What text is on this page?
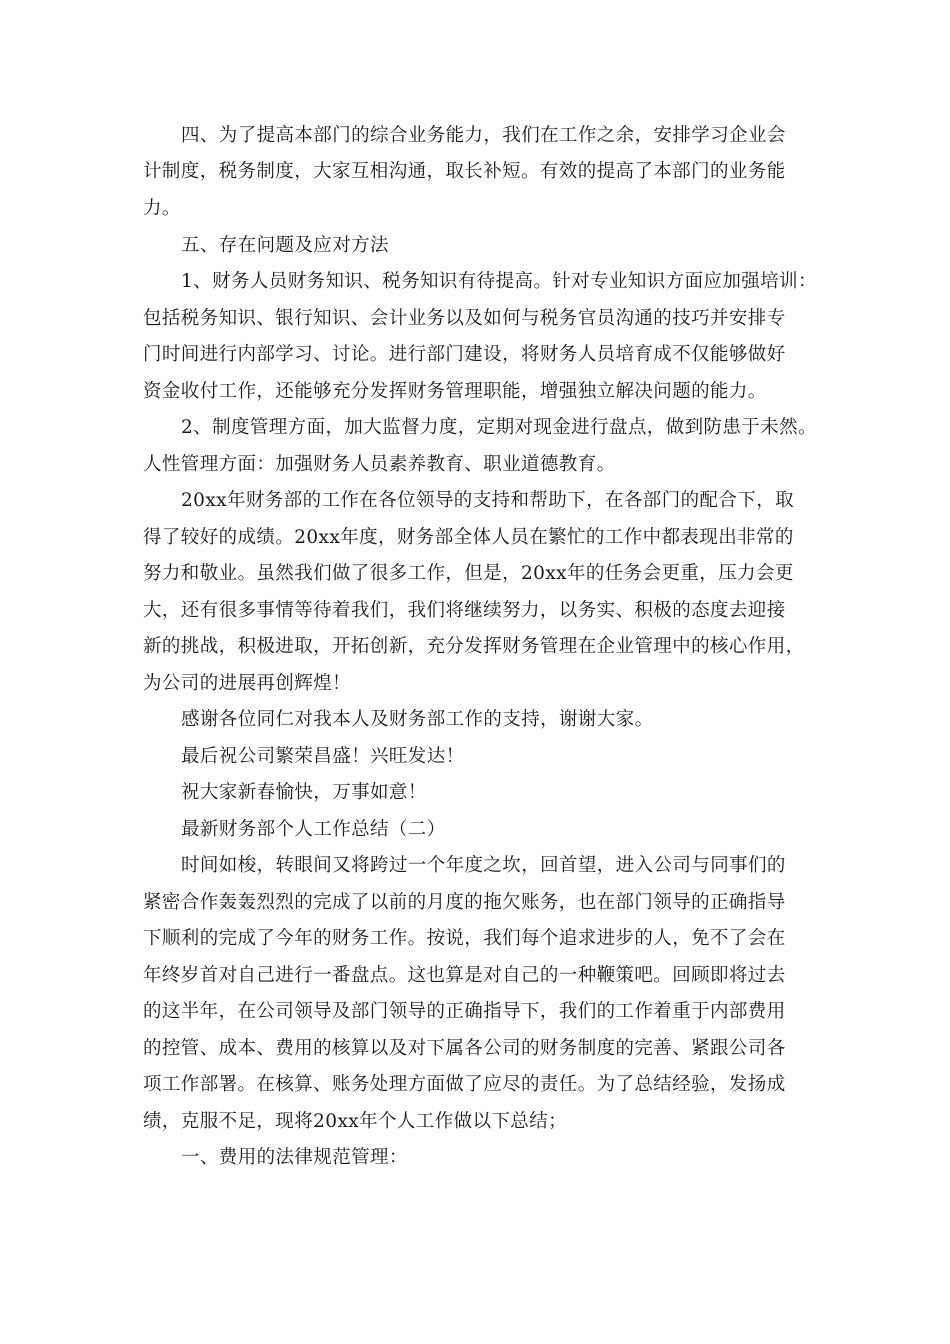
四、为了提高本部门的综合业务能力，我们在工作之余，安排学习企业会
计制度，税务制度，大家互相沟通，取长补短。有效的提高了本部门的业务能
力。
五、存在问题及应对方法
1、财务人员财务知识、税务知识有待提高。针对专业知识方面应加强培训：
包括税务知识、银行知识、会计业务以及如何与税务官员沟通的技巧并安排专
门时间进行内部学习、讨论。进行部门建设，将财务人员培育成不仅能够做好
资金收付工作，还能够充分发挥财务管理职能，增强独立解决问题的能力。
2、制度管理方面，加大监督力度，定期对现金进行盘点，做到防患于未然。
人性管理方面：加强财务人员素养教育、职业道德教育。
20xx年财务部的工作在各位领导的支持和帮助下，在各部门的配合下，取
得了较好的成绩。20xx年度，财务部全体人员在繁忙的工作中都表现出非常的
努力和敬业。虽然我们做了很多工作，但是，20xx年的任务会更重，压力会更
大，还有很多事情等待着我们，我们将继续努力，以务实、积极的态度去迎接
新的挑战，积极进取，开拓创新，充分发挥财务管理在企业管理中的核心作用，
为公司的进展再创辉煌！
感谢各位同仁对我本人及财务部工作的支持，谢谢大家。
最后祝公司繁荣昌盛！兴旺发达！
祝大家新春愉快，万事如意！
最新财务部个人工作总结（二）
时间如梭，转眼间又将跨过一个年度之坎，回首望，进入公司与同事们的
紧密合作轰轰烈烈的完成了以前的月度的拖欠账务，也在部门领导的正确指导
下顺利的完成了今年的财务工作。按说，我们每个追求进步的人，免不了会在
年终岁首对自己进行一番盘点。这也算是对自己的一种鞭策吧。回顾即将过去
的这半年，在公司领导及部门领导的正确指导下，我们的工作着重于内部费用
的控管、成本、费用的核算以及对下属各公司的财务制度的完善、紧跟公司各
项工作部署。在核算、账务处理方面做了应尽的责任。为了总结经验，发扬成
绩，克服不足，现将20xx年个人工作做以下总结；
一、费用的法律规范管理：
